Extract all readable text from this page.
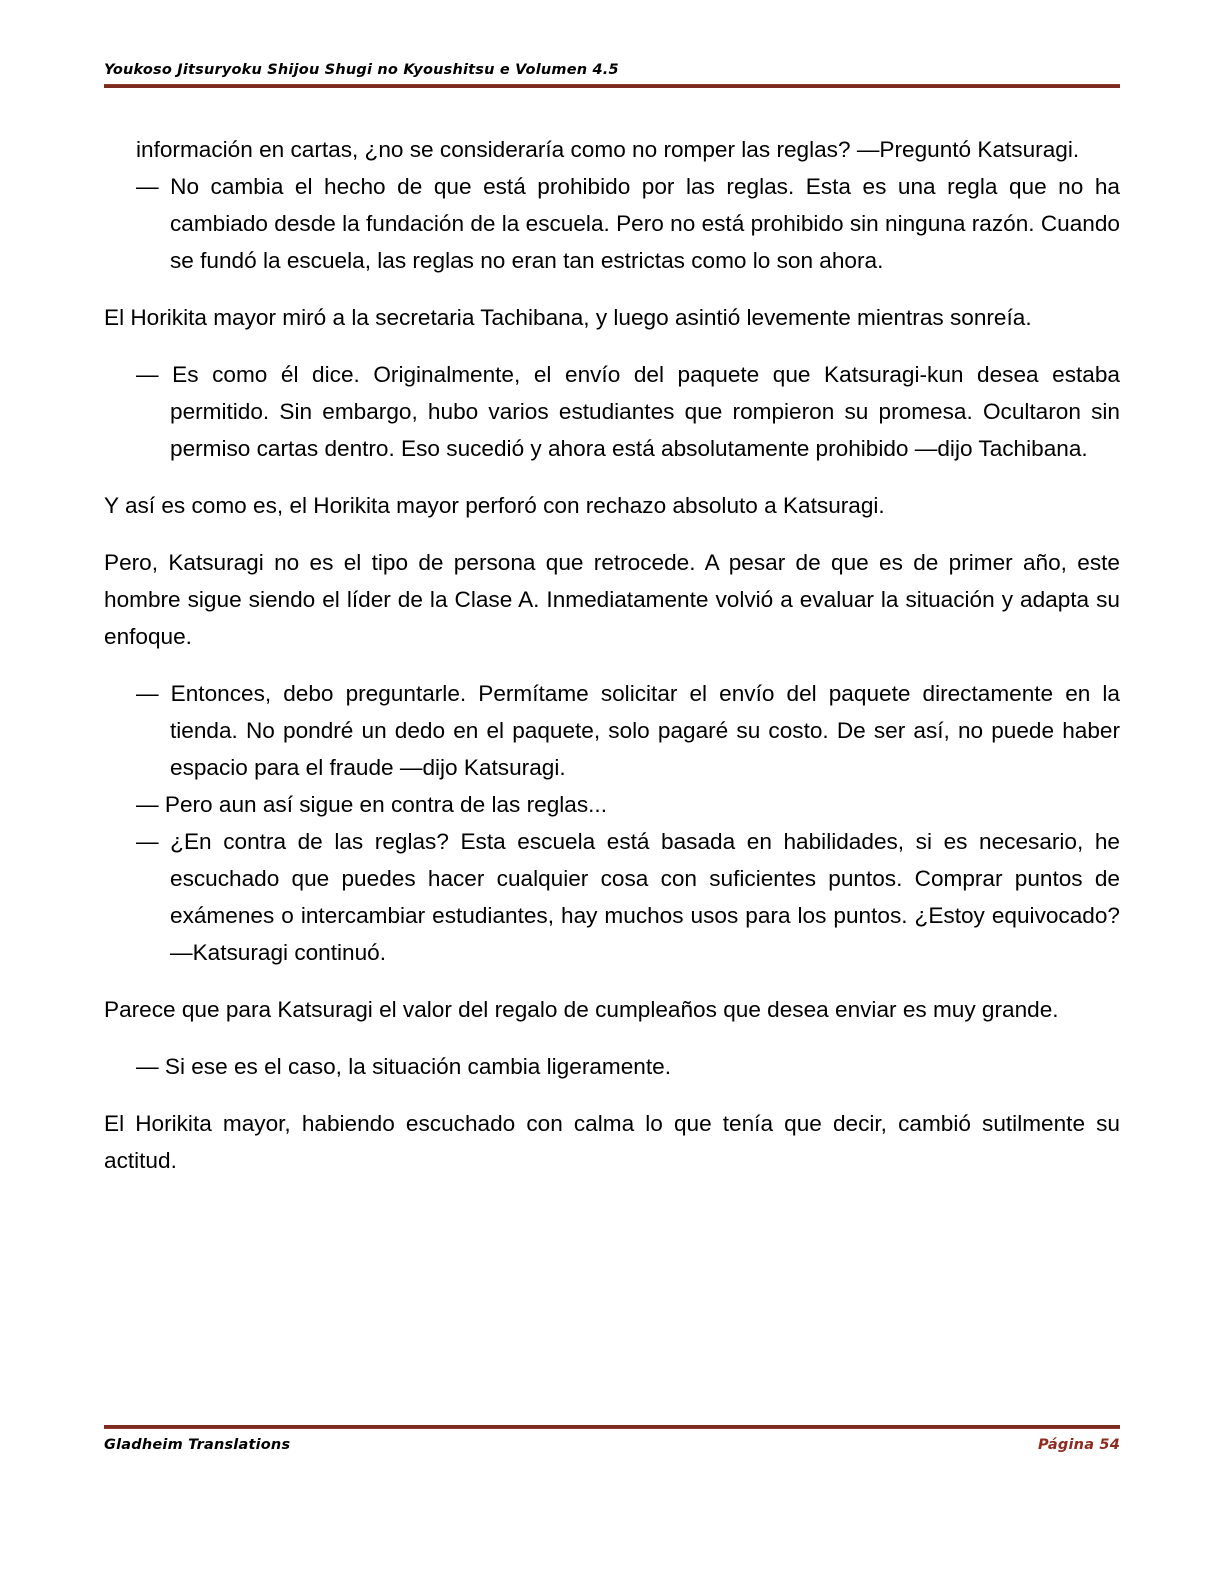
Youkoso Jitsuryoku Shijou Shugi no Kyoushitsu e Volumen 4.5

información en cartas, ¿no se consideraría como no romper las reglas? —Preguntó Katsuragi.

— No cambia el hecho de que está prohibido por las reglas. Esta es una regla que no ha cambiado desde la fundación de la escuela. Pero no está prohibido sin ninguna razón. Cuando se fundó la escuela, las reglas no eran tan estrictas como lo son ahora.

El Horikita mayor miró a la secretaria Tachibana, y luego asintió levemente mientras sonreía.

— Es como él dice. Originalmente, el envío del paquete que Katsuragi-kun desea estaba permitido. Sin embargo, hubo varios estudiantes que rompieron su promesa. Ocultaron sin permiso cartas dentro. Eso sucedió y ahora está absolutamente prohibido —dijo Tachibana.

Y así es como es, el Horikita mayor perforó con rechazo absoluto a Katsuragi.

Pero, Katsuragi no es el tipo de persona que retrocede. A pesar de que es de primer año, este hombre sigue siendo el líder de la Clase A. Inmediatamente volvió a evaluar la situación y adapta su enfoque.

— Entonces, debo preguntarle. Permítame solicitar el envío del paquete directamente en la tienda. No pondré un dedo en el paquete, solo pagaré su costo. De ser así, no puede haber espacio para el fraude —dijo Katsuragi.

— Pero aun así sigue en contra de las reglas...

— ¿En contra de las reglas? Esta escuela está basada en habilidades, si es necesario, he escuchado que puedes hacer cualquier cosa con suficientes puntos. Comprar puntos de exámenes o intercambiar estudiantes, hay muchos usos para los puntos. ¿Estoy equivocado? —Katsuragi continuó.

Parece que para Katsuragi el valor del regalo de cumpleaños que desea enviar es muy grande.

— Si ese es el caso, la situación cambia ligeramente.

El Horikita mayor, habiendo escuchado con calma lo que tenía que decir, cambió sutilmente su actitud.

Gladheim Translations	Página 54
